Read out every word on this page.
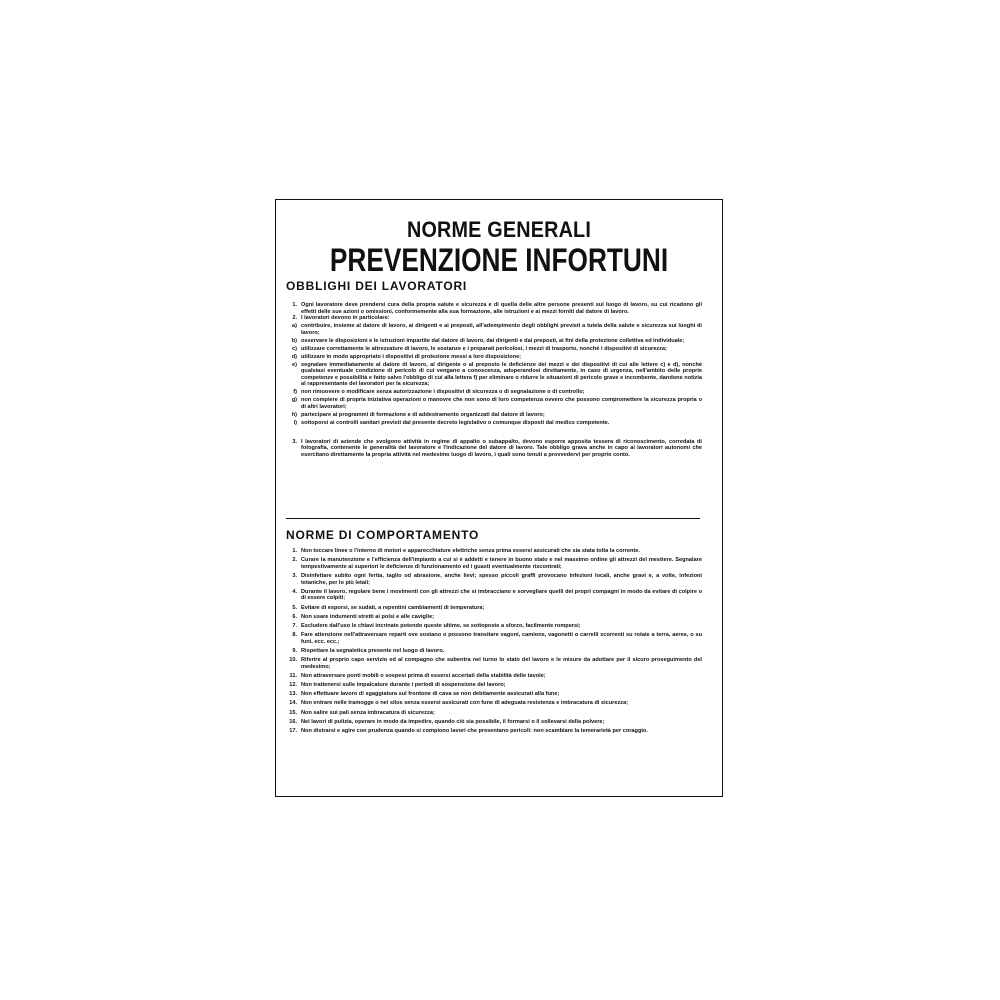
NORME GENERALI
PREVENZIONE INFORTUNI
OBBLIGHI DEI LAVORATORI
1. Ogni lavoratore deve prendersi cura della propria salute e sicurezza e di quella delle altre persone presenti sul luogo di lavoro, su cui ricadono gli effetti delle sue azioni o omissioni, conformemente alla sua formazione, alle istruzioni e ai mezzi forniti dal datore di lavoro.
2. I lavoratori devono in particolare:
a) contribuire, insieme al datore di lavoro, ai dirigenti e ai preposti, all'adempimento degli obblighi previsti a tutela della salute e sicurezza sui luoghi di lavoro;
b) osservare le disposizioni e le istruzioni impartite dal datore di lavoro, dai dirigenti e dai preposti, ai fini della protezione collettiva ed individuale;
c) utilizzare correttamente le attrezzature di lavoro, le sostanze e i preparati pericolosi, i mezzi di trasporto, nonché i dispositivi di sicurezza;
d) utilizzare in modo appropriato i dispositivi di protezione messi a loro disposizione;
e) segnalare immediatamente al datore di lavoro, al dirigente o al preposto le deficienze dei mezzi e dei dispositivi di cui alle lettere c) e d), nonché qualsiasi eventuale condizione di pericolo di cui vengano a conoscenza, adoperandosi direttamente, in caso di urgenza, nell'ambito delle proprie competenze e possibilità e fatto salvo l'obbligo di cui alla lettera f) per eliminare o ridurre le situazioni di pericolo grave e incombente, dandone notizia al rappresentante dei lavoratori per la sicurezza;
f) non rimuovere o modificare senza autorizzazione i dispositivi di sicurezza o di segnalazione o di controllo;
g) non compiere di propria iniziativa operazioni o manovre che non sono di loro competenza ovvero che possono compromettere la sicurezza propria o di altri lavoratori;
h) partecipare ai programmi di formazione e di addestramento organizzati dal datore di lavoro;
i) sottoporsi ai controlli sanitari previsti dal presente decreto legislativo o comunque disposti dal medico competente.
3. I lavoratori di aziende che svolgono attività in regime di appalto o subappalto, devono esporre apposita tessera di riconoscimento, corredata di fotografia, contenente le generalità del lavoratore e l'indicazione del datore di lavoro. Tale obbligo grava anche in capo ai lavoratori autonomi che esercitano direttamente la propria attività nel medesimo luogo di lavoro, i quali sono tenuti a provvedervi per proprio conto.
NORME DI COMPORTAMENTO
1. Non toccare linee o l'interno di motori e apparecchiature elettriche senza prima essersi assicurati che sia stata tolta la corrente.
2. Curare la manutenzione e l'efficienza dell'impianto a cui si è addetti e tenere in buono stato e nel massimo ordine gli attrezzi del mestiere. Segnalare tempestivamente ai superiori le deficienze di funzionamento ed i guasti eventualmente riscontrati;
3. Disinfettare subito ogni ferita, taglio od abrasione, anche lievi; spesso piccoli graffi provocano infezioni locali, anche gravi e, a volte, infezioni tetaniche, per lo più letali;
4. Durante il lavoro, regolare bene i movimenti con gli attrezzi che si imbracciano e sorvegliare quelli dei propri compagni in modo da evitare di colpire o di essere colpiti;
5. Evitare di esporsi, se sudati, a repentini cambiamenti di temperatura;
6. Non usare indumenti stretti ai polsi e alle caviglie;
7. Escludere dall'uso le chiavi incrinate potendo queste ultime, se sottoposte a sforzo, facilmente rompersi;
8. Fare attenzione nell'attraversare reparti ove sostano o possono transitare vagoni, camions, vagonetti o carrelli scorrenti su rotaie a terra, aeree, o su funi, ecc. ecc.;
9. Rispettare la segnaletica presente nel luogo di lavoro.
10. Riferire al proprio capo servizio ed al compagno che subentra nel turno lo stato del lavoro e le misure da adottare per il sicuro proseguimento del medesimo;
11. Non attraversare ponti mobili o sospesi prima di essersi accertati della stabilità delle tavole;
12. Non trattenersi sulle impalcature durante i periodi di sospensione del lavoro;
13. Non effettuare lavoro di sgaggiatura sul frontone di cava se non debitamente assicurati alla fune;
14. Non entrare nelle tramogge o nei silos senza essersi assicurati con fune di adeguata resistenza e imbracatura di sicurezza;
15. Non salire sui pali senza imbracatura di sicurezza;
16. Nei lavori di pulizia, operare in modo da impedire, quando ciò sia possibile, il formarsi o il sollevarsi della polvere;
17. Non distrarsi e agire con prudenza quando si compiono lavori che presentano pericoli: non scambiare la temerarietà per coraggio.
